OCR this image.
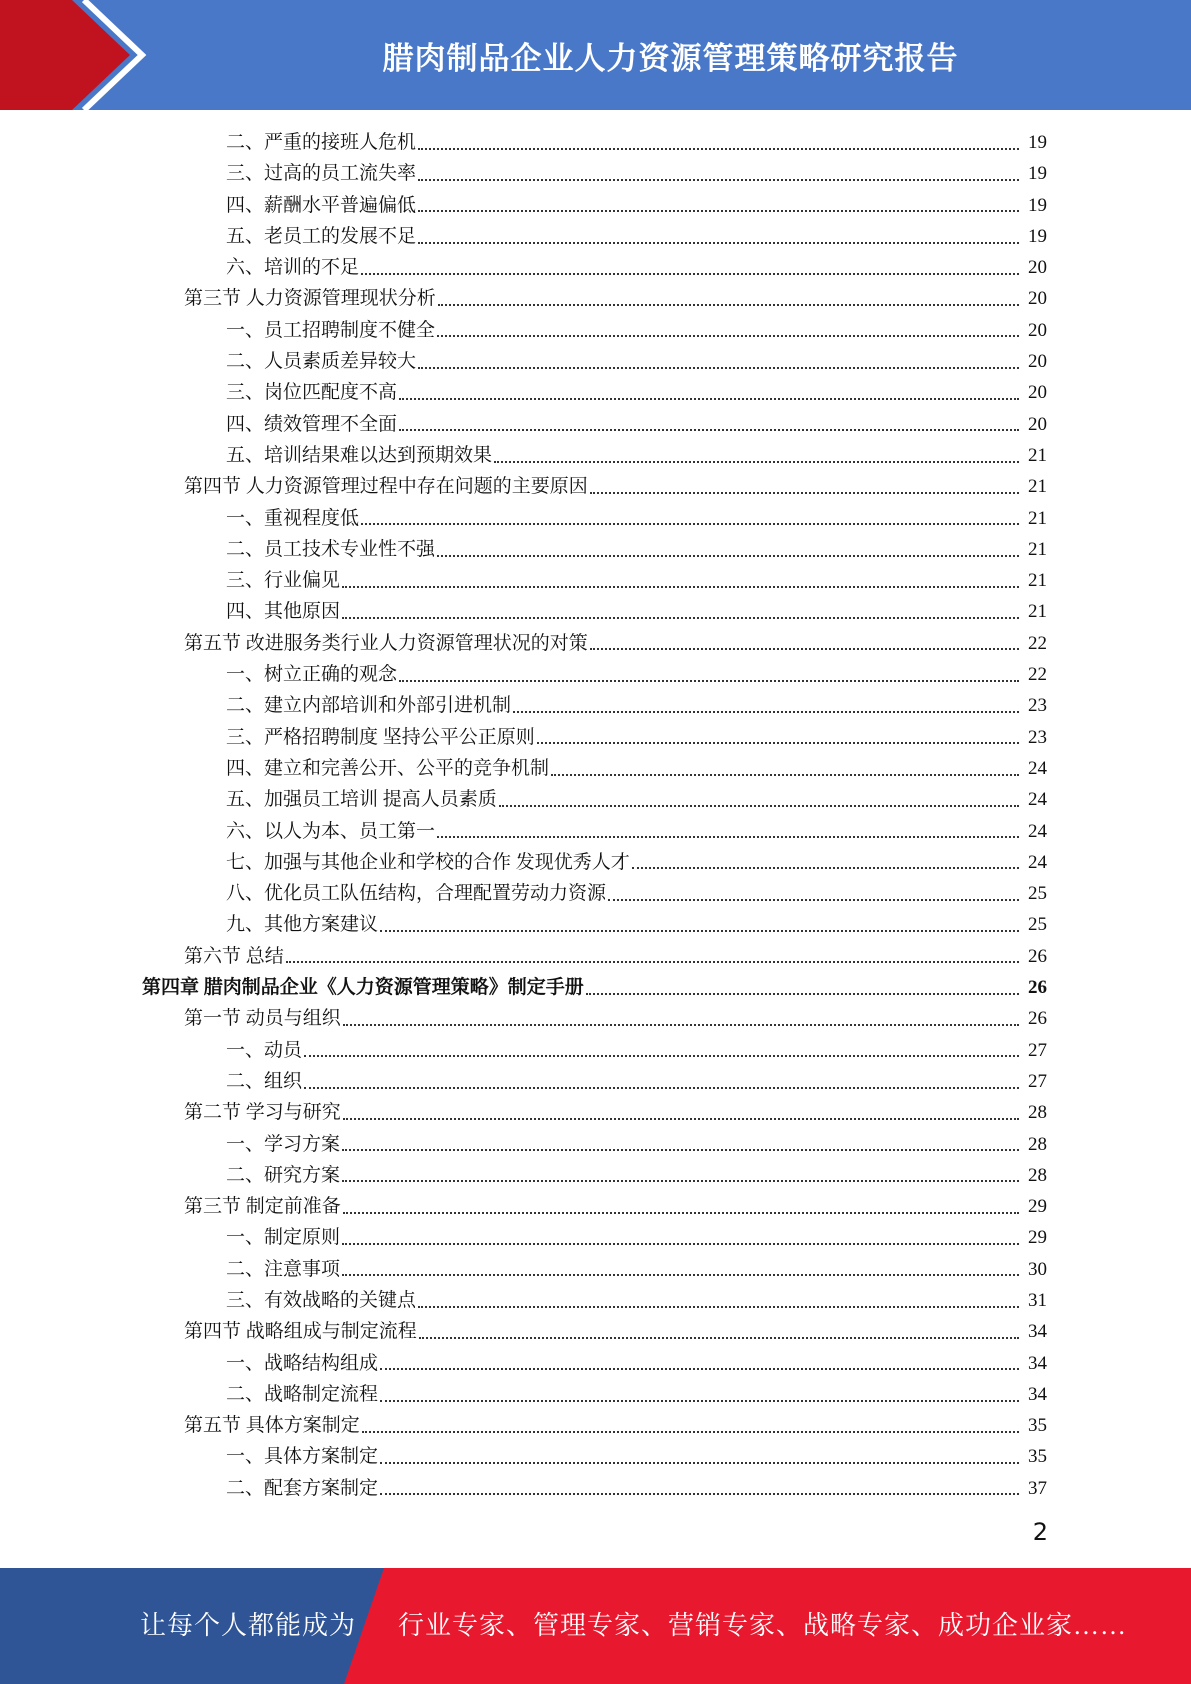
腊肉制品企业人力资源管理策略研究报告
二、严重的接班人危机	19
三、过高的员工流失率	19
四、薪酬水平普遍偏低	19
五、老员工的发展不足	19
六、培训的不足	20
第三节 人力资源管理现状分析	20
一、员工招聘制度不健全	20
二、人员素质差异较大	20
三、岗位匹配度不高	20
四、绩效管理不全面	20
五、培训结果难以达到预期效果	21
第四节 人力资源管理过程中存在问题的主要原因	21
一、重视程度低	21
二、员工技术专业性不强	21
三、行业偏见	21
四、其他原因	21
第五节 改进服务类行业人力资源管理状况的对策	22
一、树立正确的观念	22
二、建立内部培训和外部引进机制	23
三、严格招聘制度 坚持公平公正原则	23
四、建立和完善公开、公平的竞争机制	24
五、加强员工培训 提高人员素质	24
六、以人为本、员工第一	24
七、加强与其他企业和学校的合作 发现优秀人才	24
八、优化员工队伍结构，合理配置劳动力资源	25
九、其他方案建议	25
第六节 总结	26
第四章 腊肉制品企业《人力资源管理策略》制定手册	26
第一节 动员与组织	26
一、动员	27
二、组织	27
第二节 学习与研究	28
一、学习方案	28
二、研究方案	28
第三节 制定前准备	29
一、制定原则	29
二、注意事项	30
三、有效战略的关键点	31
第四节 战略组成与制定流程	34
一、战略结构组成	34
二、战略制定流程	34
第五节 具体方案制定	35
一、具体方案制定	35
二、配套方案制定	37
2
让每个人都能成为 行业专家、管理专家、营销专家、战略专家、成功企业家……
